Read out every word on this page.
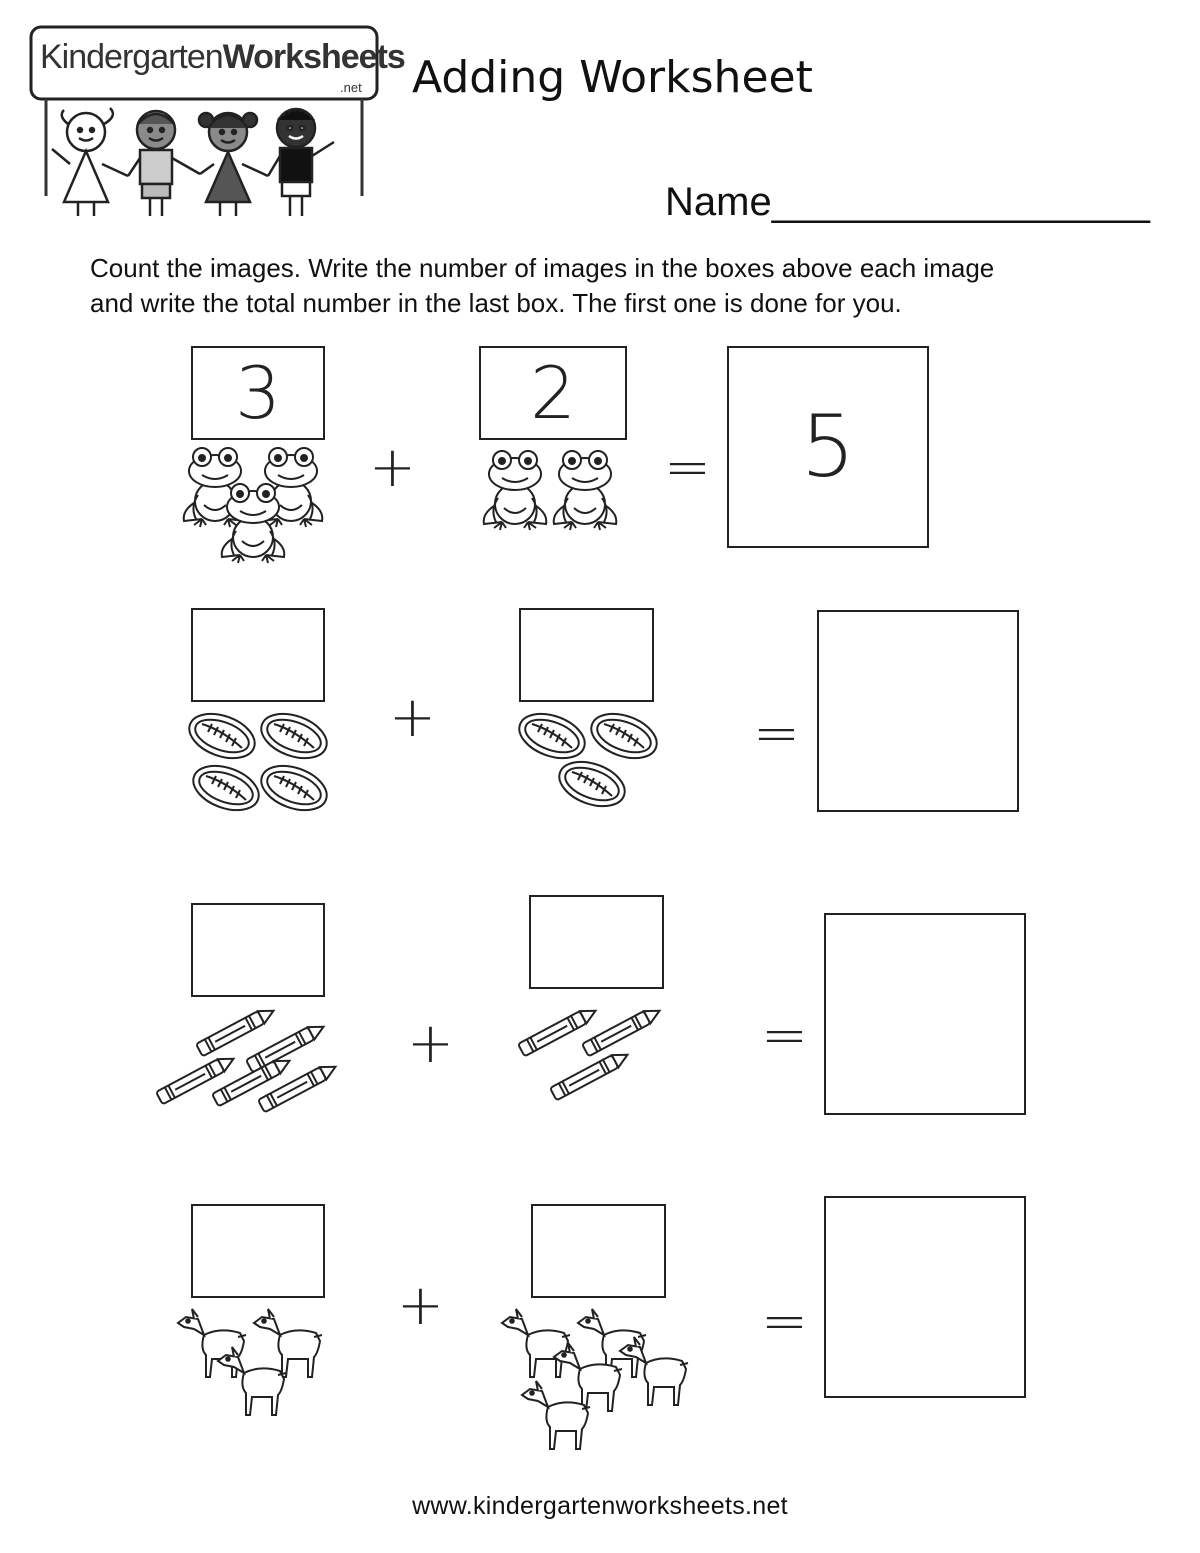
KindergartenWorksheets
.net Adding Worksheet
Name_________________
Count the images. Write the number of images in the boxes above each image
and write the total number in the last box. The first one is done for you.
3	2
5
+	=
+	=
+	=
+	=
www.kindergartenworksheets.net
